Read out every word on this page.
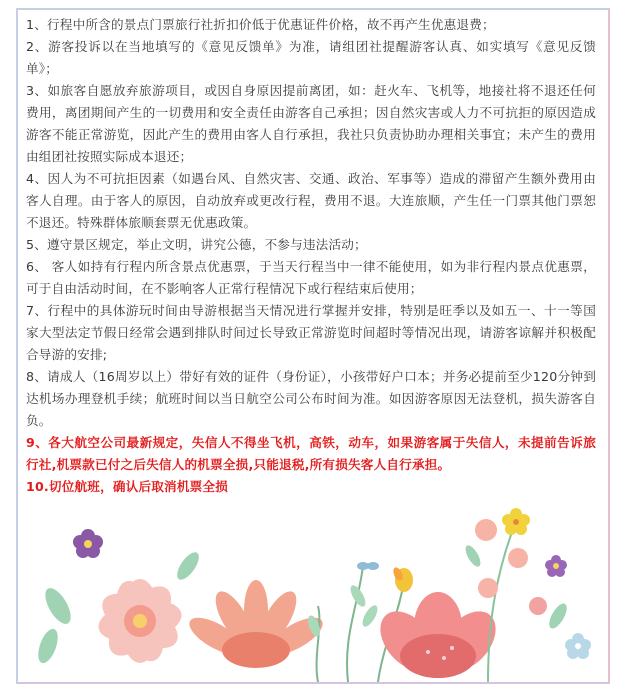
1、行程中所含的景点门票旅行社折扣价低于优惠证件价格，故不再产生优惠退费；
2、游客投诉以在当地填写的《意见反馈单》为准，请组团社提醒游客认真、如实填写《意见反馈单》；
3、如旅客自愿放弃旅游项目，或因自身原因提前离团，如：赶火车、飞机等，地接社将不退还任何费用，离团期间产生的一切费用和安全责任由游客自己承担；因自然灾害或人力不可抗拒的原因造成游客不能正常游览，因此产生的费用由客人自行承担，我社只负责协助办理相关事宜；未产生的费用由组团社按照实际成本退还；
4、因人为不可抗拒因素（如遇台风、自然灾害、交通、政治、军事等）造成的滞留产生额外费用由客人自理。由于客人的原因，自动放弃或更改行程，费用不退。大连旅顺，产生任一门票其他门票恕不退还。特殊群体旅顺套票无优惠政策。
5、遵守景区规定，举止文明，讲究公德，不参与违法活动；
6、 客人如持有行程内所含景点优惠票，于当天行程当中一律不能使用，如为非行程内景点优惠票，可于自由活动时间，在不影响客人正常行程情况下或行程结束后使用；
7、行程中的具体游玩时间由导游根据当天情况进行掌握并安排，特别是旺季以及如五一、十一等国家大型法定节假日经常会遇到排队时间过长导致正常游览时间超时等情况出现，请游客谅解并积极配合导游的安排;
8、请成人（16周岁以上）带好有效的证件（身份证），小孩带好户口本；并务必提前至少120分钟到达机场办理登机手续；航班时间以当日航空公司公布时间为准。如因游客原因无法登机，损失游客自负。
9、各大航空公司最新规定，失信人不得坐飞机，高铁，动车，如果游客属于失信人，未提前告诉旅行社,机票款已付之后失信人的机票全损,只能退税,所有损失客人自行承担。
10.切位航班，确认后取消机票全损
